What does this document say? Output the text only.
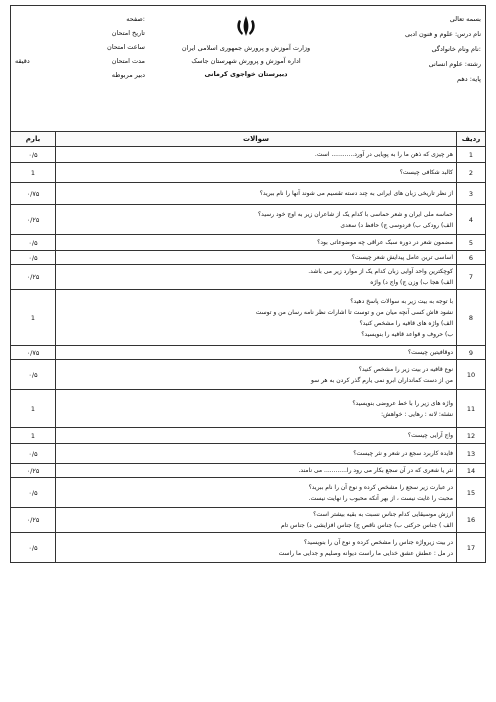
صفحه:
تاریخ امتحان
ساعت امتحان
دقیقه	مدت امتحان
دبیر مربوطه
وزارت آموزش و پرورش جمهوری اسلامی ایران
اداره آموزش و پرورش شهرستان جاسک
دبیرستان خواجوی کرمانی
بسمه تعالی
نام درس: علوم و فنون ادبی
نام ونام خانوادگی:
رشته: علوم انسانی
پایه: دهم
ردیف	سوالات	بارم
1	هر چیزی که ذهن ما را به پویایی در آورد............ است.	۰/۵
2	کالبد شکافی چیست؟	1
3	از نظر تاریخی زبان های ایرانی به چند دسته تقسیم می شوند آنها را نام ببرید؟	۰/۷۵
4	حماسه ملی ایران و شعر حماسی با کدام یک از شاعران زیر به اوج خود رسید؟
الف) رودکی ب) فردوسی ج) حافظ د) سعدی	۰/۲۵
5	مضمون شعر در دوره سبک عراقی چه موضوعاتی بود؟	۰/۵
6	اساسی ترین عامل پیدایش شعر چیست؟	۰/۵
7	کوچکترین واحد آوایی زبان کدام یک از موارد زیر می باشد.
الف) هجا ب) وزن ج) واج د) واژه	۰/۲۵
8	با توجه به بیت زیر به سوالات پاسخ دهید؟
نشود فاش کسی آنچه میان من و توست تا اشارات نظر نامه رسان من و توست
الف) واژه های قافیه را مشخص کنید؟
ب) حروف و قواعد قافیه را بنویسید؟	1
9	دوقافیتین چیست؟	۰/۷۵
10	نوع قافیه در بیت زیر را مشخص کنید؟
من از دست کمانداران ابرو نمی یارم گذر کردن به هر سو	۰/۵
11	واژه های زیر را با خط عروضی بنویسید؟
نشئه: لانه : رهایی : خواهش:	1
12	واج آرایی چیست؟	1
13	فایده کاربرد سجع در شعر و نثر چیست؟	۰/۵
14	نثر یا شعری که در آن سجع بکار می رود را............ می نامند.	۰/۲۵
15	در عبارت زیر سجع را مشخص کرده و نوع آن را نام ببرید؟
محبت را غایت نیست ، از بهر آنکه محبوب را نهایت نیست.	۰/۵
16	ارزش موسیقایی کدام جناس نسبت به بقیه بیشتر است؟
الف ) جناس حرکتی ب) جناس ناقص ج) جناس افزایشی د) جناس تام	۰/۲۵
17	در بیت زیرواژه جناس را مشخص کرده و نوع آن را بنویسید؟
در مل : عطش عشق خدایی ما راست دیوانه وصلیم و جدایی ما راست	۰/۵
